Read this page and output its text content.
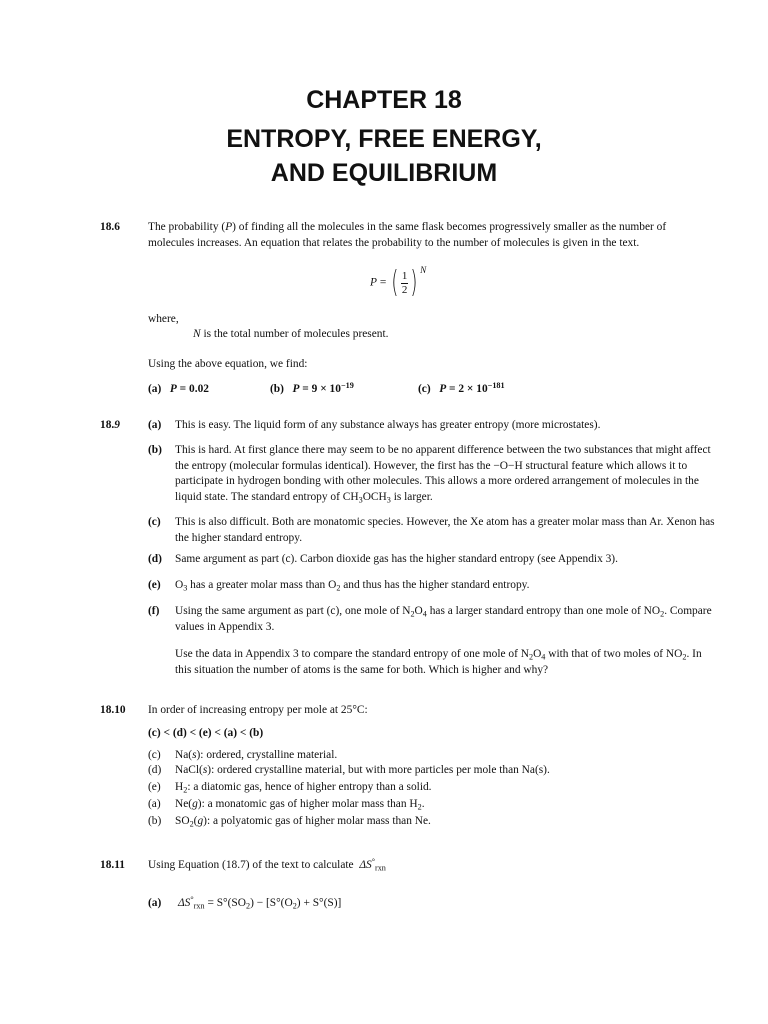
CHAPTER 18
ENTROPY, FREE ENERGY,
AND EQUILIBRIUM
18.6 The probability (P) of finding all the molecules in the same flask becomes progressively smaller as the number of molecules increases. An equation that relates the probability to the number of molecules is given in the text.
P = ( $\frac{1}{2}$ ) $^N$
where,
N is the total number of molecules present.
Using the above equation, we find:
(a) P = 0.02	(b) $P = 9 \times 10^{-19}$	(c) $P = 2 \times 10^{-181}$
18.9 (a) This is easy. The liquid form of any substance always has greater entropy (more microstates).
(b) This is hard. At first glance there may seem to be no apparent difference between the two substances that might affect the entropy (molecular formulas identical). However, the first has the −O−H structural feature which allows it to participate in hydrogen bonding with other molecules. This allows a more ordered arrangement of molecules in the liquid state. The standard entropy of $CH_3OCH_3$ is larger.
(c) This is also difficult. Both are monatomic species. However, the Xe atom has a greater molar mass than Ar. Xenon has the higher standard entropy.
(d) Same argument as part (c). Carbon dioxide gas has the higher standard entropy (see Appendix 3).
(e) $O_3$ has a greater molar mass than $O_2$ and thus has the higher standard entropy.
(f) Using the same argument as part (c), one mole of $N_2O_4$ has a larger standard entropy than one mole of $NO_2$. Compare values in Appendix 3.
Use the data in Appendix 3 to compare the standard entropy of one mole of $N_2O_4$ with that of two moles of $NO_2$. In this situation the number of atoms is the same for both. Which is higher and why?
18.10 In order of increasing entropy per mole at 25°C:
(c) < (d) < (e) < (a) < (b)
(c) Na(s): ordered, crystalline material.
(d) NaCl(s): ordered crystalline material, but with more particles per mole than Na(s).
(e) $H_2$: a diatomic gas, hence of higher entropy than a solid.
(a) Ne(g): a monatomic gas of higher molar mass than $H_2$.
(b) $SO_2(g)$: a polyatomic gas of higher molar mass than Ne.
18.11 Using Equation (18.7) of the text to calculate $\Delta S^\circ_{rxn}$
(a) $\Delta S^\circ_{rxn} = S^\circ(SO_2) - [S^\circ(O_2) + S^\circ(S)]$
